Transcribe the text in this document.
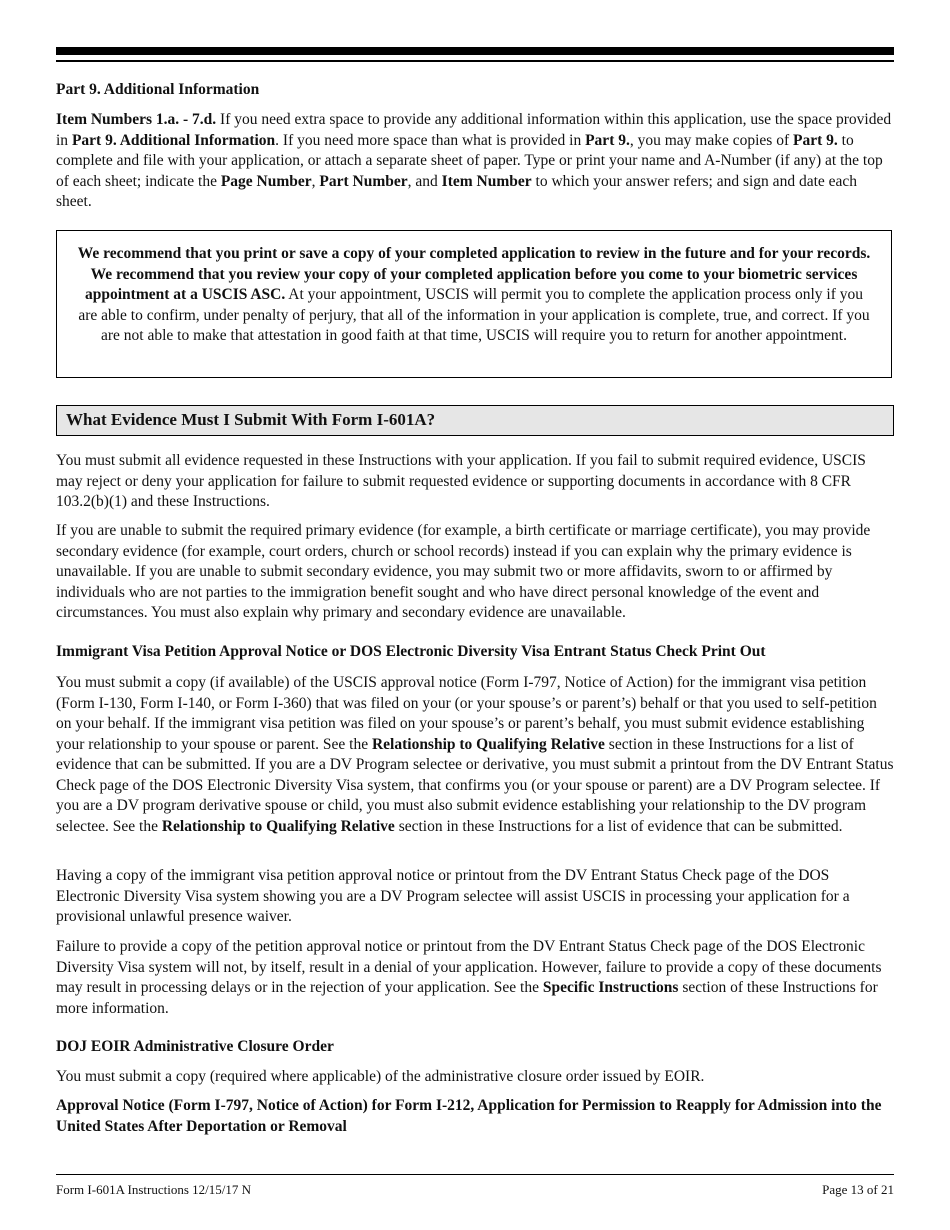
Part 9. Additional Information

Item Numbers 1.a. - 7.d. If you need extra space to provide any additional information within this application, use the space provided in Part 9. Additional Information. If you need more space than what is provided in Part 9., you may make copies of Part 9. to complete and file with your application, or attach a separate sheet of paper. Type or print your name and A-Number (if any) at the top of each sheet; indicate the Page Number, Part Number, and Item Number to which your answer refers; and sign and date each sheet.

We recommend that you print or save a copy of your completed application to review in the future and for your records. We recommend that you review your copy of your completed application before you come to your biometric services appointment at a USCIS ASC. At your appointment, USCIS will permit you to complete the application process only if you are able to confirm, under penalty of perjury, that all of the information in your application is complete, true, and correct. If you are not able to make that attestation in good faith at that time, USCIS will require you to return for another appointment.

What Evidence Must I Submit With Form I-601A?

You must submit all evidence requested in these Instructions with your application. If you fail to submit required evidence, USCIS may reject or deny your application for failure to submit requested evidence or supporting documents in accordance with 8 CFR 103.2(b)(1) and these Instructions.

If you are unable to submit the required primary evidence (for example, a birth certificate or marriage certificate), you may provide secondary evidence (for example, court orders, church or school records) instead if you can explain why the primary evidence is unavailable. If you are unable to submit secondary evidence, you may submit two or more affidavits, sworn to or affirmed by individuals who are not parties to the immigration benefit sought and who have direct personal knowledge of the event and circumstances. You must also explain why primary and secondary evidence are unavailable.

Immigrant Visa Petition Approval Notice or DOS Electronic Diversity Visa Entrant Status Check Print Out

You must submit a copy (if available) of the USCIS approval notice (Form I-797, Notice of Action) for the immigrant visa petition (Form I-130, Form I-140, or Form I-360) that was filed on your (or your spouse’s or parent’s) behalf or that you used to self-petition on your behalf. If the immigrant visa petition was filed on your spouse’s or parent’s behalf, you must submit evidence establishing your relationship to your spouse or parent. See the Relationship to Qualifying Relative section in these Instructions for a list of evidence that can be submitted. If you are a DV Program selectee or derivative, you must submit a printout from the DV Entrant Status Check page of the DOS Electronic Diversity Visa system, that confirms you (or your spouse or parent) are a DV Program selectee. If you are a DV program derivative spouse or child, you must also submit evidence establishing your relationship to the DV program selectee. See the Relationship to Qualifying Relative section in these Instructions for a list of evidence that can be submitted.

Having a copy of the immigrant visa petition approval notice or printout from the DV Entrant Status Check page of the DOS Electronic Diversity Visa system showing you are a DV Program selectee will assist USCIS in processing your application for a provisional unlawful presence waiver.

Failure to provide a copy of the petition approval notice or printout from the DV Entrant Status Check page of the DOS Electronic Diversity Visa system will not, by itself, result in a denial of your application. However, failure to provide a copy of these documents may result in processing delays or in the rejection of your application. See the Specific Instructions section of these Instructions for more information.

DOJ EOIR Administrative Closure Order

You must submit a copy (required where applicable) of the administrative closure order issued by EOIR.

Approval Notice (Form I-797, Notice of Action) for Form I-212, Application for Permission to Reapply for Admission into the United States After Deportation or Removal

Form I-601A Instructions 12/15/17 N	Page 13 of 21
